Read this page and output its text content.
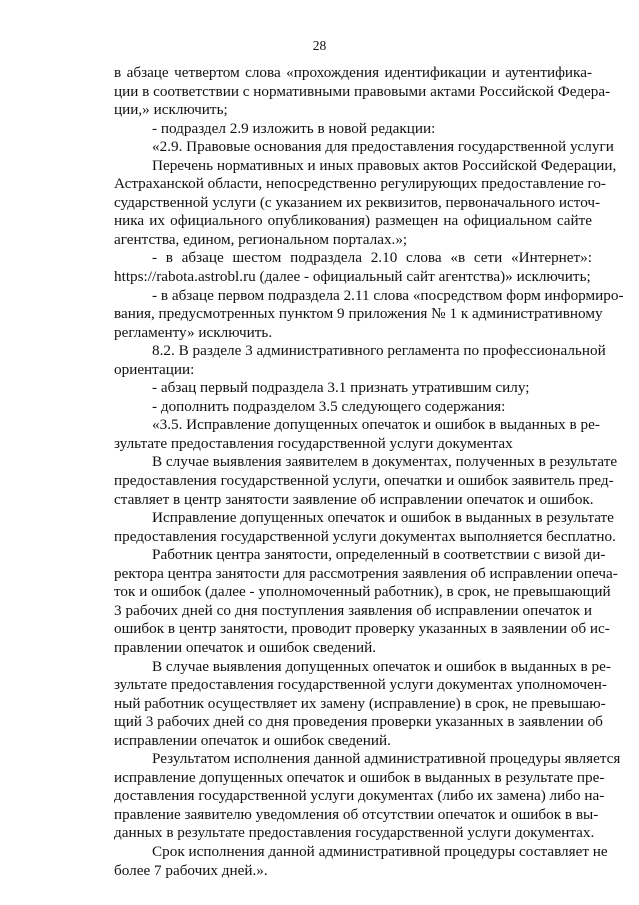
28
в абзаце четвертом слова «прохождения идентификации и аутентифика-
ции в соответствии с нормативными правовыми актами Российской Федера-
ции,» исключить;
- подраздел 2.9 изложить в новой редакции:
«2.9. Правовые основания для предоставления государственной услуги
Перечень нормативных и иных правовых актов Российской Федерации,
Астраханской области, непосредственно регулирующих предоставление го-
сударственной услуги (с указанием их реквизитов, первоначального источ-
ника их официального опубликования) размещен на официальном сайте
агентства, едином, региональном порталах.»;
- в абзаце шестом подраздела 2.10 слова «в сети «Интернет»:
https://rabota.astrobl.ru (далее - официальный сайт агентства)» исключить;
- в абзаце первом подраздела 2.11 слова «посредством форм информиро-
вания, предусмотренных пунктом 9 приложения № 1 к административному
регламенту» исключить.
8.2. В разделе 3 административного регламента по профессиональной
ориентации:
- абзац первый подраздела 3.1 признать утратившим силу;
- дополнить подразделом 3.5 следующего содержания:
«3.5. Исправление допущенных опечаток и ошибок в выданных в ре-
зультате предоставления государственной услуги документах
В случае выявления заявителем в документах, полученных в результате
предоставления государственной услуги, опечатки и ошибок заявитель пред-
ставляет в центр занятости заявление об исправлении опечаток и ошибок.
Исправление допущенных опечаток и ошибок в выданных в результате
предоставления государственной услуги документах выполняется бесплатно.
Работник центра занятости, определенный в соответствии с визой ди-
ректора центра занятости для рассмотрения заявления об исправлении опеча-
ток и ошибок (далее - уполномоченный работник), в срок, не превышающий
3 рабочих дней со дня поступления заявления об исправлении опечаток и
ошибок в центр занятости, проводит проверку указанных в заявлении об ис-
правлении опечаток и ошибок сведений.
В случае выявления допущенных опечаток и ошибок в выданных в ре-
зультате предоставления государственной услуги документах уполномочен-
ный работник осуществляет их замену (исправление) в срок, не превышаю-
щий 3 рабочих дней со дня проведения проверки указанных в заявлении об
исправлении опечаток и ошибок сведений.
Результатом исполнения данной административной процедуры является
исправление допущенных опечаток и ошибок в выданных в результате пре-
доставления государственной услуги документах (либо их замена) либо на-
правление заявителю уведомления об отсутствии опечаток и ошибок в вы-
данных в результате предоставления государственной услуги документах.
Срок исполнения данной административной процедуры составляет не
более 7 рабочих дней.».
